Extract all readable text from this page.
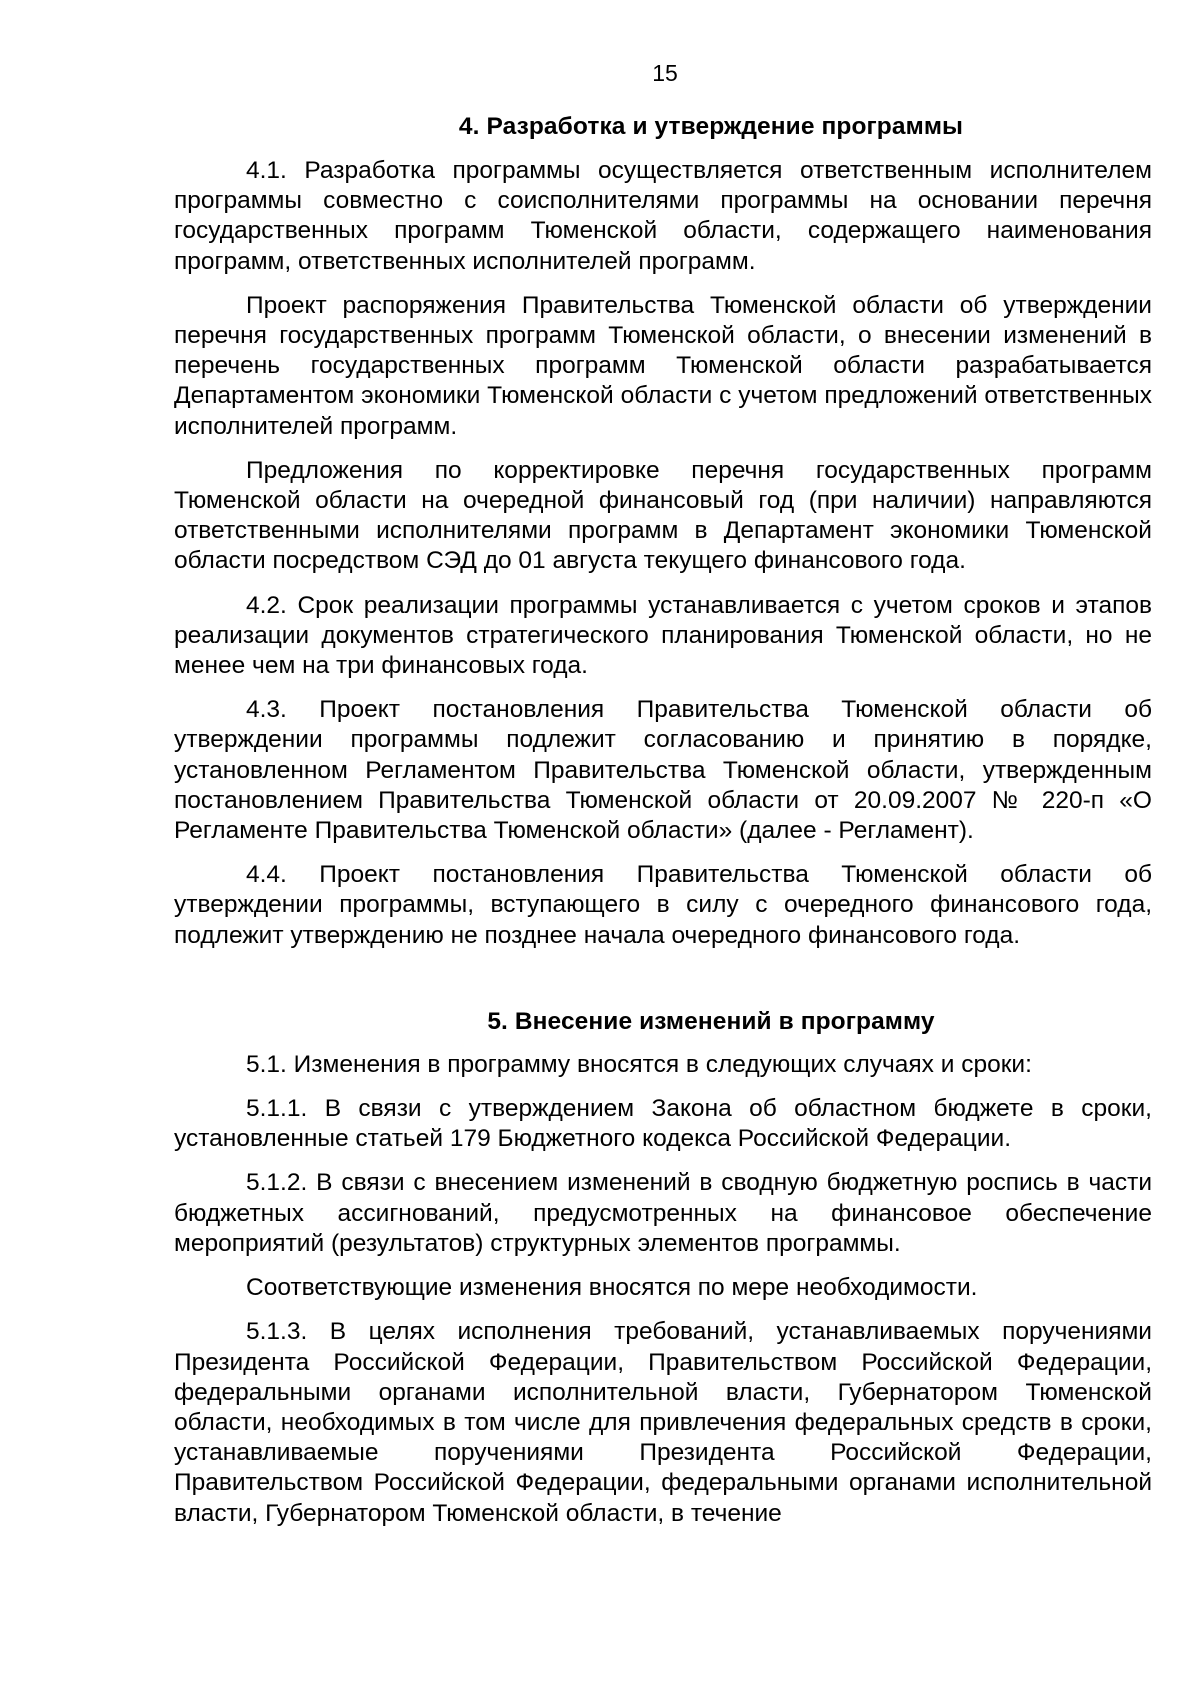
15
4. Разработка и утверждение программы

4.1. Разработка программы осуществляется ответственным исполнителем программы совместно с соисполнителями программы на основании перечня государственных программ Тюменской области, содержащего наименования программ, ответственных исполнителей программ.

Проект распоряжения Правительства Тюменской области об утверждении перечня государственных программ Тюменской области, о внесении изменений в перечень государственных программ Тюменской области разрабатывается Департаментом экономики Тюменской области с учетом предложений ответственных исполнителей программ.

Предложения по корректировке перечня государственных программ Тюменской области на очередной финансовый год (при наличии) направляются ответственными исполнителями программ в Департамент экономики Тюменской области посредством СЭД до 01 августа текущего финансового года.

4.2. Срок реализации программы устанавливается с учетом сроков и этапов реализации документов стратегического планирования Тюменской области, но не менее чем на три финансовых года.

4.3. Проект постановления Правительства Тюменской области об утверждении программы подлежит согласованию и принятию в порядке, установленном Регламентом Правительства Тюменской области, утвержденным постановлением Правительства Тюменской области от 20.09.2007 № 220-п «О Регламенте Правительства Тюменской области» (далее - Регламент).

4.4. Проект постановления Правительства Тюменской области об утверждении программы, вступающего в силу с очередного финансового года, подлежит утверждению не позднее начала очередного финансового года.

5. Внесение изменений в программу

5.1. Изменения в программу вносятся в следующих случаях и сроки:

5.1.1. В связи с утверждением Закона об областном бюджете в сроки, установленные статьей 179 Бюджетного кодекса Российской Федерации.

5.1.2. В связи с внесением изменений в сводную бюджетную роспись в части бюджетных ассигнований, предусмотренных на финансовое обеспечение мероприятий (результатов) структурных элементов программы.

Соответствующие изменения вносятся по мере необходимости.

5.1.3. В целях исполнения требований, устанавливаемых поручениями Президента Российской Федерации, Правительством Российской Федерации, федеральными органами исполнительной власти, Губернатором Тюменской области, необходимых в том числе для привлечения федеральных средств в сроки, устанавливаемые поручениями Президента Российской Федерации, Правительством Российской Федерации, федеральными органами исполнительной власти, Губернатором Тюменской области, в течение
